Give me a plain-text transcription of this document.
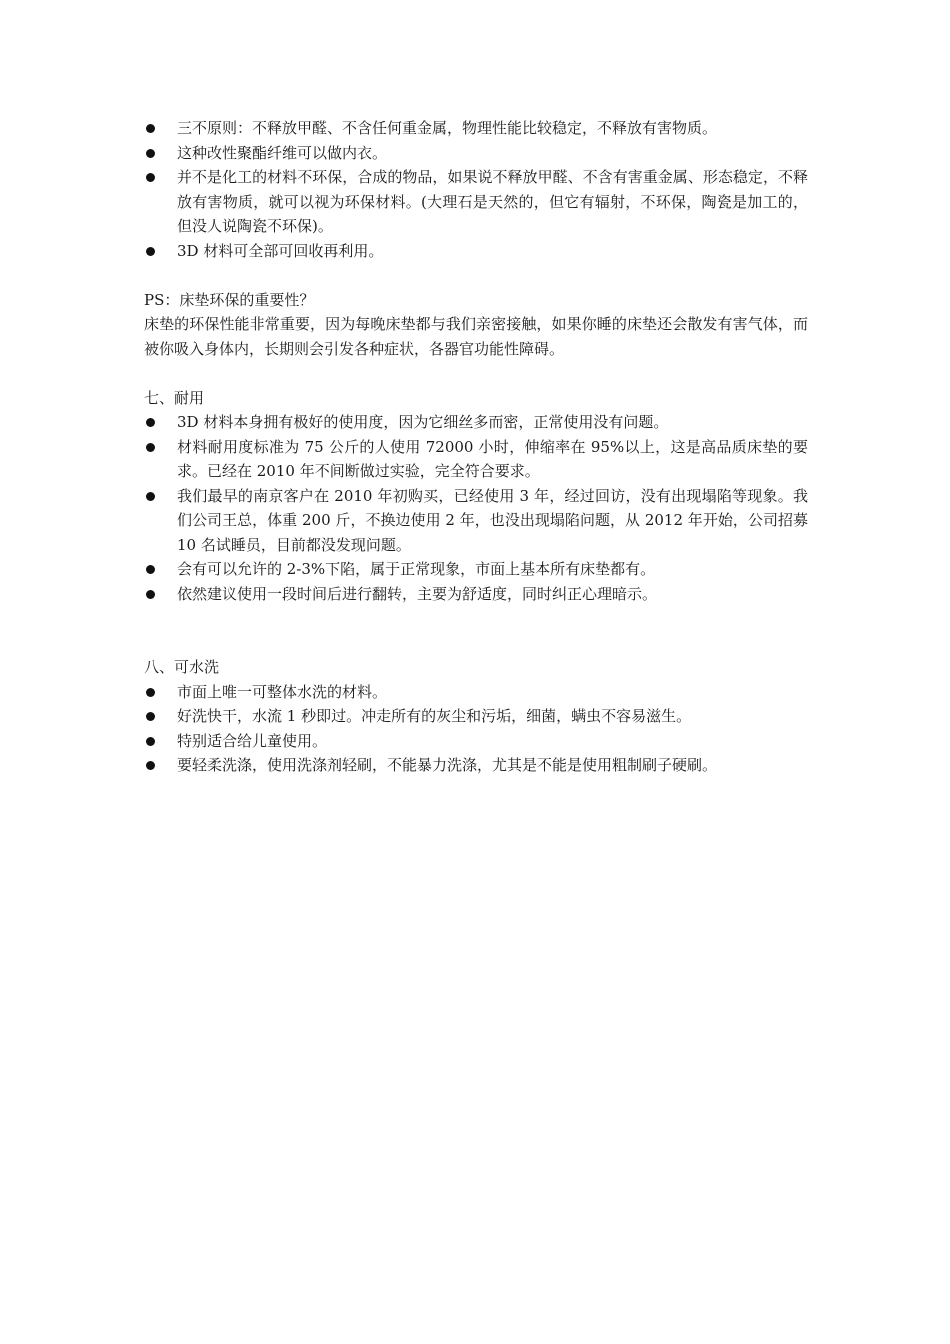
三不原则：不释放甲醛、不含任何重金属，物理性能比较稳定，不释放有害物质。
这种改性聚酯纤维可以做内衣。
并不是化工的材料不环保，合成的物品，如果说不释放甲醛、不含有害重金属、形态稳定，不释放有害物质，就可以视为环保材料。(大理石是天然的，但它有辐射，不环保，陶瓷是加工的，但没人说陶瓷不环保)。
3D 材料可全部可回收再利用。

PS：床垫环保的重要性？

床垫的环保性能非常重要，因为每晚床垫都与我们亲密接触，如果你睡的床垫还会散发有害气体，而被你吸入身体内，长期则会引发各种症状，各器官功能性障碍。

七、耐用

3D 材料本身拥有极好的使用度，因为它细丝多而密，正常使用没有问题。
材料耐用度标准为 75 公斤的人使用 72000 小时，伸缩率在 95%以上，这是高品质床垫的要求。已经在 2010 年不间断做过实验，完全符合要求。
我们最早的南京客户在 2010 年初购买，已经使用 3 年，经过回访，没有出现塌陷等现象。我们公司王总，体重 200 斤，不换边使用 2 年，也没出现塌陷问题，从 2012 年开始，公司招募 10 名试睡员，目前都没发现问题。
会有可以允许的 2-3%下陷，属于正常现象，市面上基本所有床垫都有。
依然建议使用一段时间后进行翻转，主要为舒适度，同时纠正心理暗示。

八、可水洗

市面上唯一可整体水洗的材料。
好洗快干，水流 1 秒即过。冲走所有的灰尘和污垢，细菌，螨虫不容易滋生。
特别适合给儿童使用。
要轻柔洗涤，使用洗涤剂轻刷，不能暴力洗涤，尤其是不能是使用粗制刷子硬刷。
